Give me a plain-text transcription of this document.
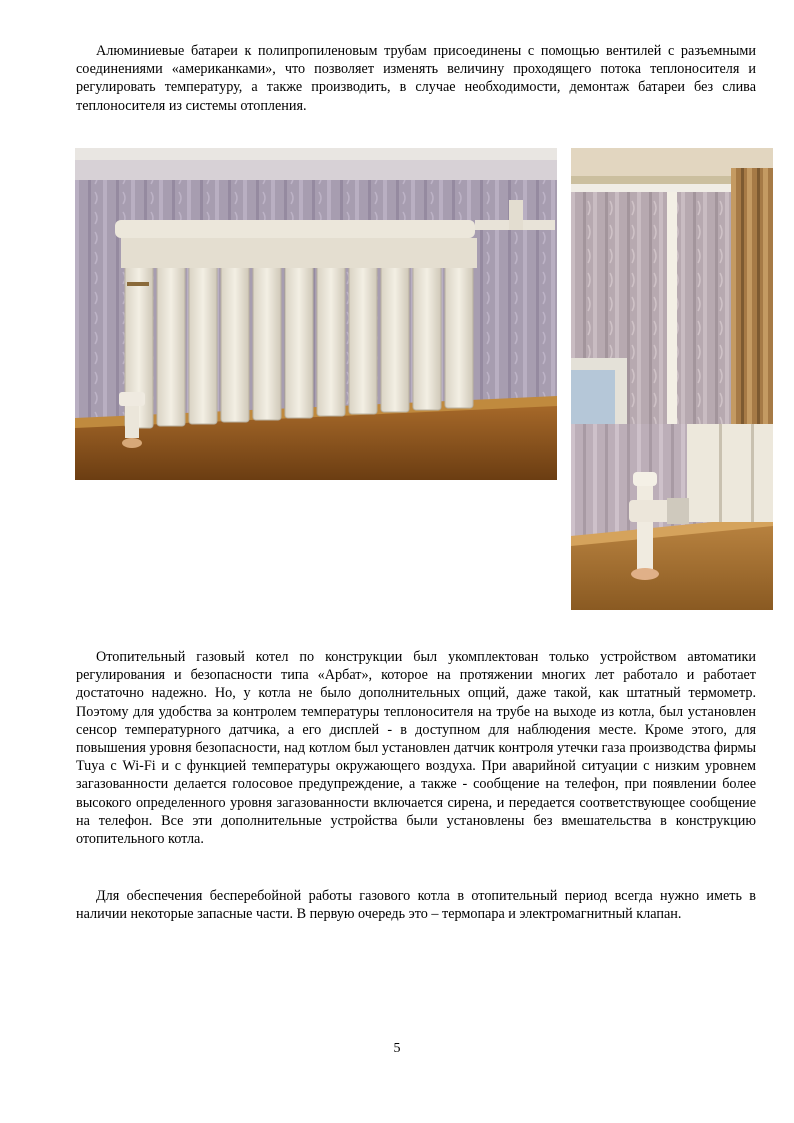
Алюминиевые батареи к полипропиленовым трубам присоединены с помощью вентилей с разъемными соединениями «американками», что позволяет изменять величину проходящего потока теплоносителя и регулировать температуру, а также производить, в случае необходимости, демонтаж батареи без слива теплоносителя из системы отопления.

Отопительный газовый котел по конструкции был укомплектован только устройством автоматики регулирования и безопасности типа «Арбат», которое на протяжении многих лет работало и работает достаточно надежно. Но, у котла не было дополнительных опций, даже такой, как штатный термометр. Поэтому для удобства за контролем температуры теплоносителя на трубе на выходе из котла, был установлен сенсор температурного датчика, а его дисплей - в доступном для наблюдения месте. Кроме этого, для повышения уровня безопасности, над котлом был установлен датчик контроля утечки газа производства фирмы Tuya с Wi-Fi и с функцией температуры окружающего воздуха. При аварийной ситуации с низким уровнем загазованности делается голосовое предупреждение, а также - сообщение на телефон, при появлении более высокого определенного уровня загазованности включается сирена, и передается соответствующее сообщение на телефон. Все эти дополнительные устройства были установлены без вмешательства в конструкцию отопительного котла.

Для обеспечения бесперебойной работы газового котла в отопительный период всегда нужно иметь в наличии некоторые запасные части. В первую очередь это – термопара и электромагнитный клапан.

5
